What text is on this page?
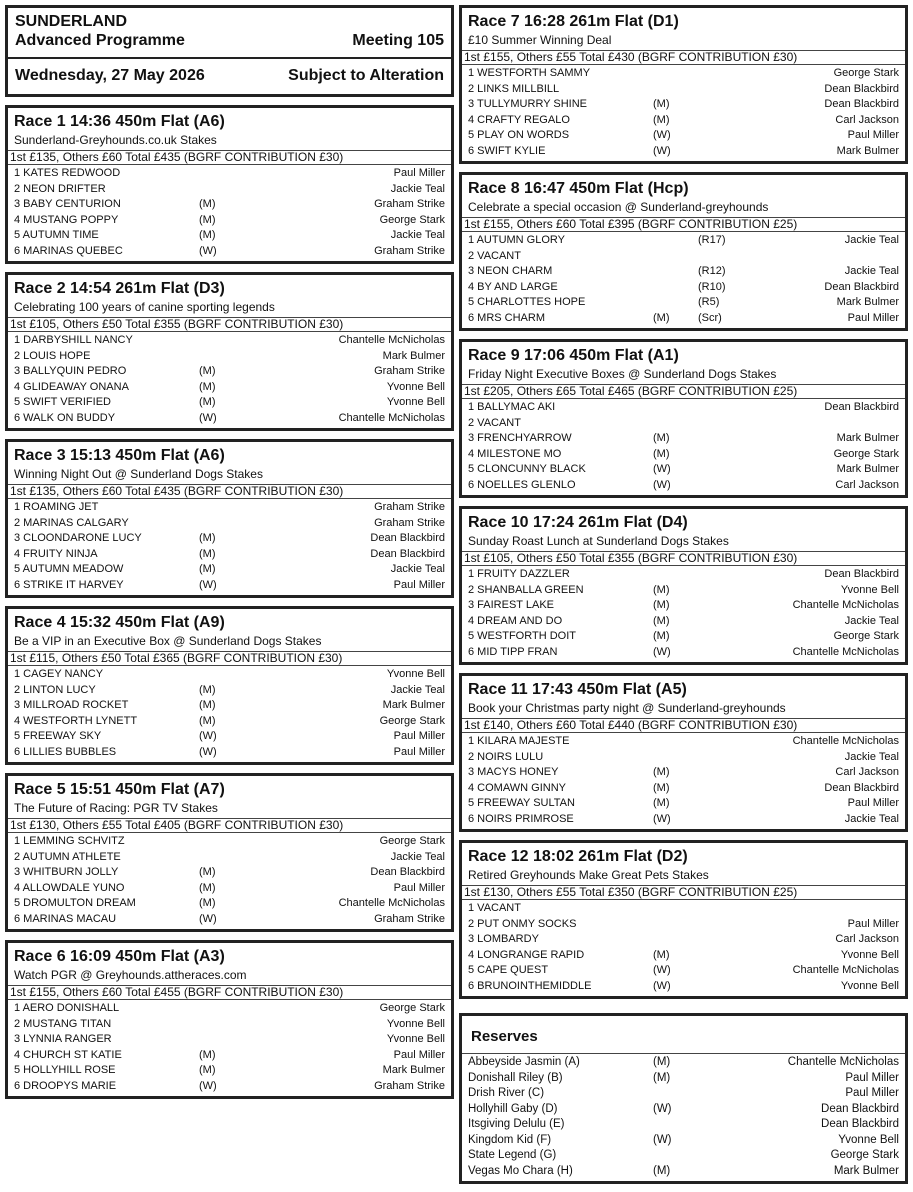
SUNDERLAND
Advanced Programme	Meeting 105
Wednesday, 27 May 2026	Subject to Alteration
Race 1 14:36 450m Flat (A6)
Sunderland-Greyhounds.co.uk Stakes
1st £135, Others £60 Total £435 (BGRF CONTRIBUTION £30)
1 KATES REDWOOD	Paul Miller
2 NEON DRIFTER	Jackie Teal
3 BABY CENTURION	(M)	Graham Strike
4 MUSTANG POPPY	(M)	George Stark
5 AUTUMN TIME	(M)	Jackie Teal
6 MARINAS QUEBEC	(W)	Graham Strike
Race 2 14:54 261m Flat (D3)
Celebrating 100 years of canine sporting legends
1st £105, Others £50 Total £355 (BGRF CONTRIBUTION £30)
1 DARBYSHILL NANCY	Chantelle McNicholas
2 LOUIS HOPE	Mark Bulmer
3 BALLYQUIN PEDRO	(M)	Graham Strike
4 GLIDEAWAY ONANA	(M)	Yvonne Bell
5 SWIFT VERIFIED	(M)	Yvonne Bell
6 WALK ON BUDDY	(W)	Chantelle McNicholas
Race 3 15:13 450m Flat (A6)
Winning Night Out @ Sunderland Dogs Stakes
1st £135, Others £60 Total £435 (BGRF CONTRIBUTION £30)
1 ROAMING JET	Graham Strike
2 MARINAS CALGARY	Graham Strike
3 CLOONDARONE LUCY	(M)	Dean Blackbird
4 FRUITY NINJA	(M)	Dean Blackbird
5 AUTUMN MEADOW	(M)	Jackie Teal
6 STRIKE IT HARVEY	(W)	Paul Miller
Race 4 15:32 450m Flat (A9)
Be a VIP in an Executive Box @ Sunderland Dogs Stakes
1st £115, Others £50 Total £365 (BGRF CONTRIBUTION £30)
1 CAGEY NANCY	Yvonne Bell
2 LINTON LUCY	(M)	Jackie Teal
3 MILLROAD ROCKET	(M)	Mark Bulmer
4 WESTFORTH LYNETT	(M)	George Stark
5 FREEWAY SKY	(W)	Paul Miller
6 LILLIES BUBBLES	(W)	Paul Miller
Race 5 15:51 450m Flat (A7)
The Future of Racing: PGR TV Stakes
1st £130, Others £55 Total £405 (BGRF CONTRIBUTION £30)
1 LEMMING SCHVITZ	George Stark
2 AUTUMN ATHLETE	Jackie Teal
3 WHITBURN JOLLY	(M)	Dean Blackbird
4 ALLOWDALE YUNO	(M)	Paul Miller
5 DROMULTON DREAM	(M)	Chantelle McNicholas
6 MARINAS MACAU	(W)	Graham Strike
Race 6 16:09 450m Flat (A3)
Watch PGR @ Greyhounds.attheraces.com
1st £155, Others £60 Total £455 (BGRF CONTRIBUTION £30)
1 AERO DONISHALL	George Stark
2 MUSTANG TITAN	Yvonne Bell
3 LYNNIA RANGER	Yvonne Bell
4 CHURCH ST KATIE	(M)	Paul Miller
5 HOLLYHILL ROSE	(M)	Mark Bulmer
6 DROOPYS MARIE	(W)	Graham Strike
Race 7 16:28 261m Flat (D1)
£10 Summer Winning Deal
1st £155, Others £55 Total £430 (BGRF CONTRIBUTION £30)
1 WESTFORTH SAMMY	George Stark
2 LINKS MILLBILL	Dean Blackbird
3 TULLYMURRY SHINE	(M)	Dean Blackbird
4 CRAFTY REGALO	(M)	Carl Jackson
5 PLAY ON WORDS	(W)	Paul Miller
6 SWIFT KYLIE	(W)	Mark Bulmer
Race 8 16:47 450m Flat (Hcp)
Celebrate a special occasion @ Sunderland-greyhounds
1st £155, Others £60 Total £395 (BGRF CONTRIBUTION £25)
1 AUTUMN GLORY	(R17)	Jackie Teal
2 VACANT
3 NEON CHARM	(R12)	Jackie Teal
4 BY AND LARGE	(R10)	Dean Blackbird
5 CHARLOTTES HOPE	(R5)	Mark Bulmer
6 MRS CHARM	(M)	(Scr)	Paul Miller
Race 9 17:06 450m Flat (A1)
Friday Night Executive Boxes @ Sunderland Dogs Stakes
1st £205, Others £65 Total £465 (BGRF CONTRIBUTION £25)
1 BALLYMAC AKI	Dean Blackbird
2 VACANT
3 FRENCHYARROW	(M)	Mark Bulmer
4 MILESTONE MO	(M)	George Stark
5 CLONCUNNY BLACK	(W)	Mark Bulmer
6 NOELLES GLENLO	(W)	Carl Jackson
Race 10 17:24 261m Flat (D4)
Sunday Roast Lunch at Sunderland Dogs Stakes
1st £105, Others £50 Total £355 (BGRF CONTRIBUTION £30)
1 FRUITY DAZZLER	Dean Blackbird
2 SHANBALLA GREEN	(M)	Yvonne Bell
3 FAIREST LAKE	(M)	Chantelle McNicholas
4 DREAM AND DO	(M)	Jackie Teal
5 WESTFORTH DOIT	(M)	George Stark
6 MID TIPP FRAN	(W)	Chantelle McNicholas
Race 11 17:43 450m Flat (A5)
Book your Christmas party night @ Sunderland-greyhounds
1st £140, Others £60 Total £440 (BGRF CONTRIBUTION £30)
1 KILARA MAJESTE	Chantelle McNicholas
2 NOIRS LULU	Jackie Teal
3 MACYS HONEY	(M)	Carl Jackson
4 COMAWN GINNY	(M)	Dean Blackbird
5 FREEWAY SULTAN	(M)	Paul Miller
6 NOIRS PRIMROSE	(W)	Jackie Teal
Race 12 18:02 261m Flat (D2)
Retired Greyhounds Make Great Pets Stakes
1st £130, Others £55 Total £350 (BGRF CONTRIBUTION £25)
1 VACANT
2 PUT ONMY SOCKS	Paul Miller
3 LOMBARDY	Carl Jackson
4 LONGRANGE RAPID	(M)	Yvonne Bell
5 CAPE QUEST	(W)	Chantelle McNicholas
6 BRUNOINTHEMIDDLE	(W)	Yvonne Bell
Reserves
Abbeyside Jasmin (A)	(M)	Chantelle McNicholas
Donishall Riley (B)	(M)	Paul Miller
Drish River (C)	Paul Miller
Hollyhill Gaby (D)	(W)	Dean Blackbird
Itsgiving Delulu (E)	Dean Blackbird
Kingdom Kid (F)	(W)	Yvonne Bell
State Legend (G)	George Stark
Vegas Mo Chara (H)	(M)	Mark Bulmer
